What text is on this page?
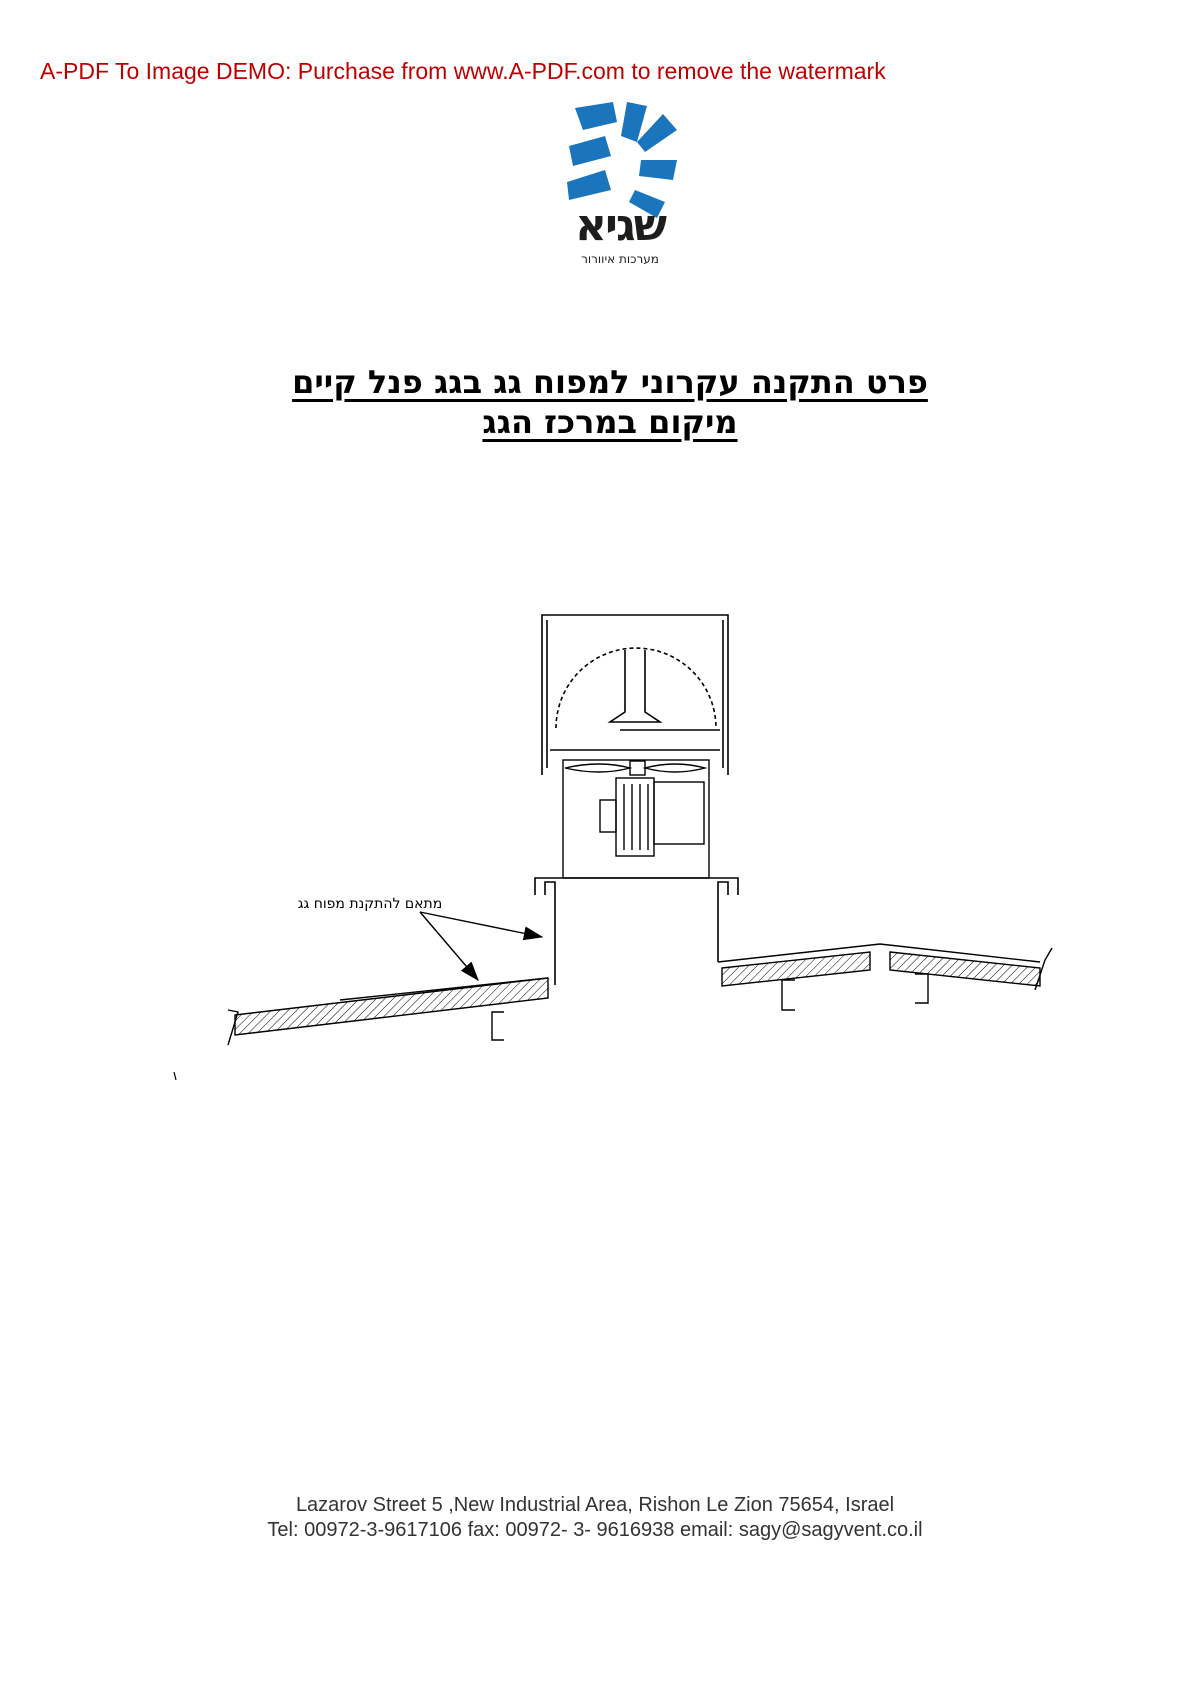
A-PDF To Image DEMO: Purchase from www.A-PDF.com to remove the watermark
שגיא
מערכות איוורור
פרט התקנה עקרוני למפוח גג בגג פנל קיים
מיקום במרכז הגג
מתאם להתקנת מפוח גג
Lazarov Street 5 ,New Industrial Area, Rishon Le Zion 75654, Israel
Tel: 00972-3-9617106 fax: 00972- 3- 9616938 email: sagy@sagyvent.co.il
